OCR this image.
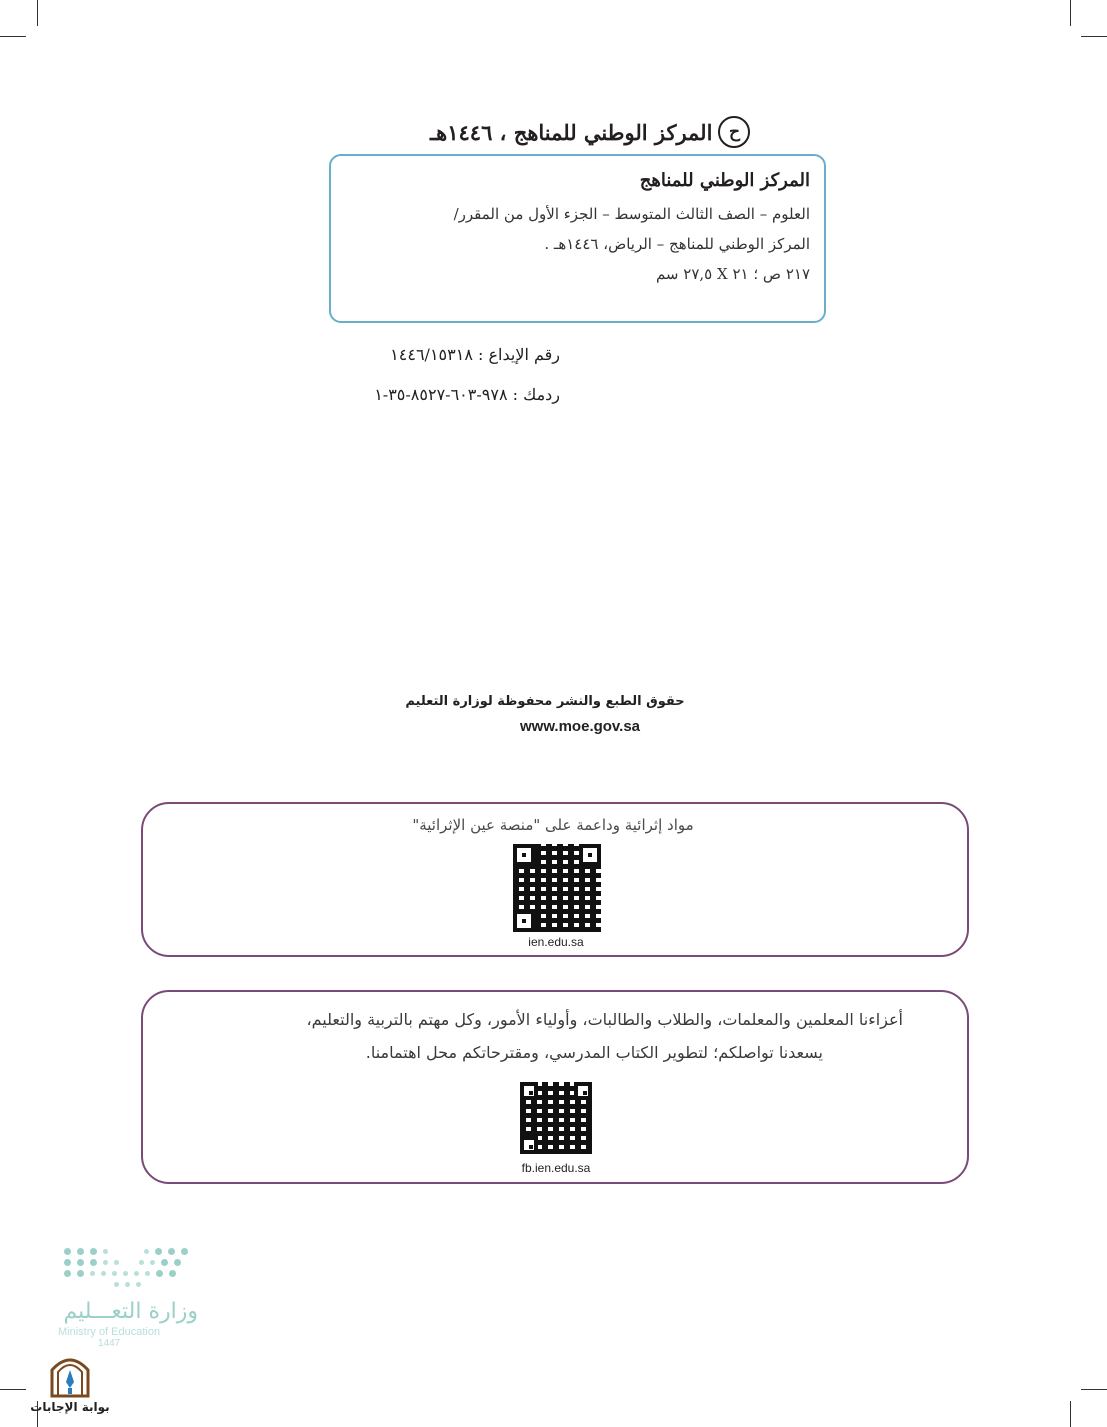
ح
المركز الوطني للمناهج ، ١٤٤٦هـ
المركز الوطني للمناهج
العلوم – الصف الثالث المتوسط – الجزء الأول من المقرر/
المركز الوطني للمناهج – الرياض، ١٤٤٦هـ .
٢١٧ ص ؛ ٢١ X ٢٧,٥ سم
رقم الإيداع : ١٤٤٦/١٥٣١٨
ردمك : ٩٧٨-٦٠٣-٨٥٢٧-٣٥-١
حقوق الطبع والنشر محفوظة لوزارة التعليم
www.moe.gov.sa
مواد إثرائية وداعمة على "منصة عين الإثرائية"
ien.edu.sa
أعزاءنا المعلمين والمعلمات، والطلاب والطالبات، وأولياء الأمور، وكل مهتم بالتربية والتعليم،
يسعدنا تواصلكم؛ لتطوير الكتاب المدرسي، ومقترحاتكم محل اهتمامنا.
fb.ien.edu.sa
وزارة التعـــليم
Ministry of Education
1447
بوابة الإجابات
